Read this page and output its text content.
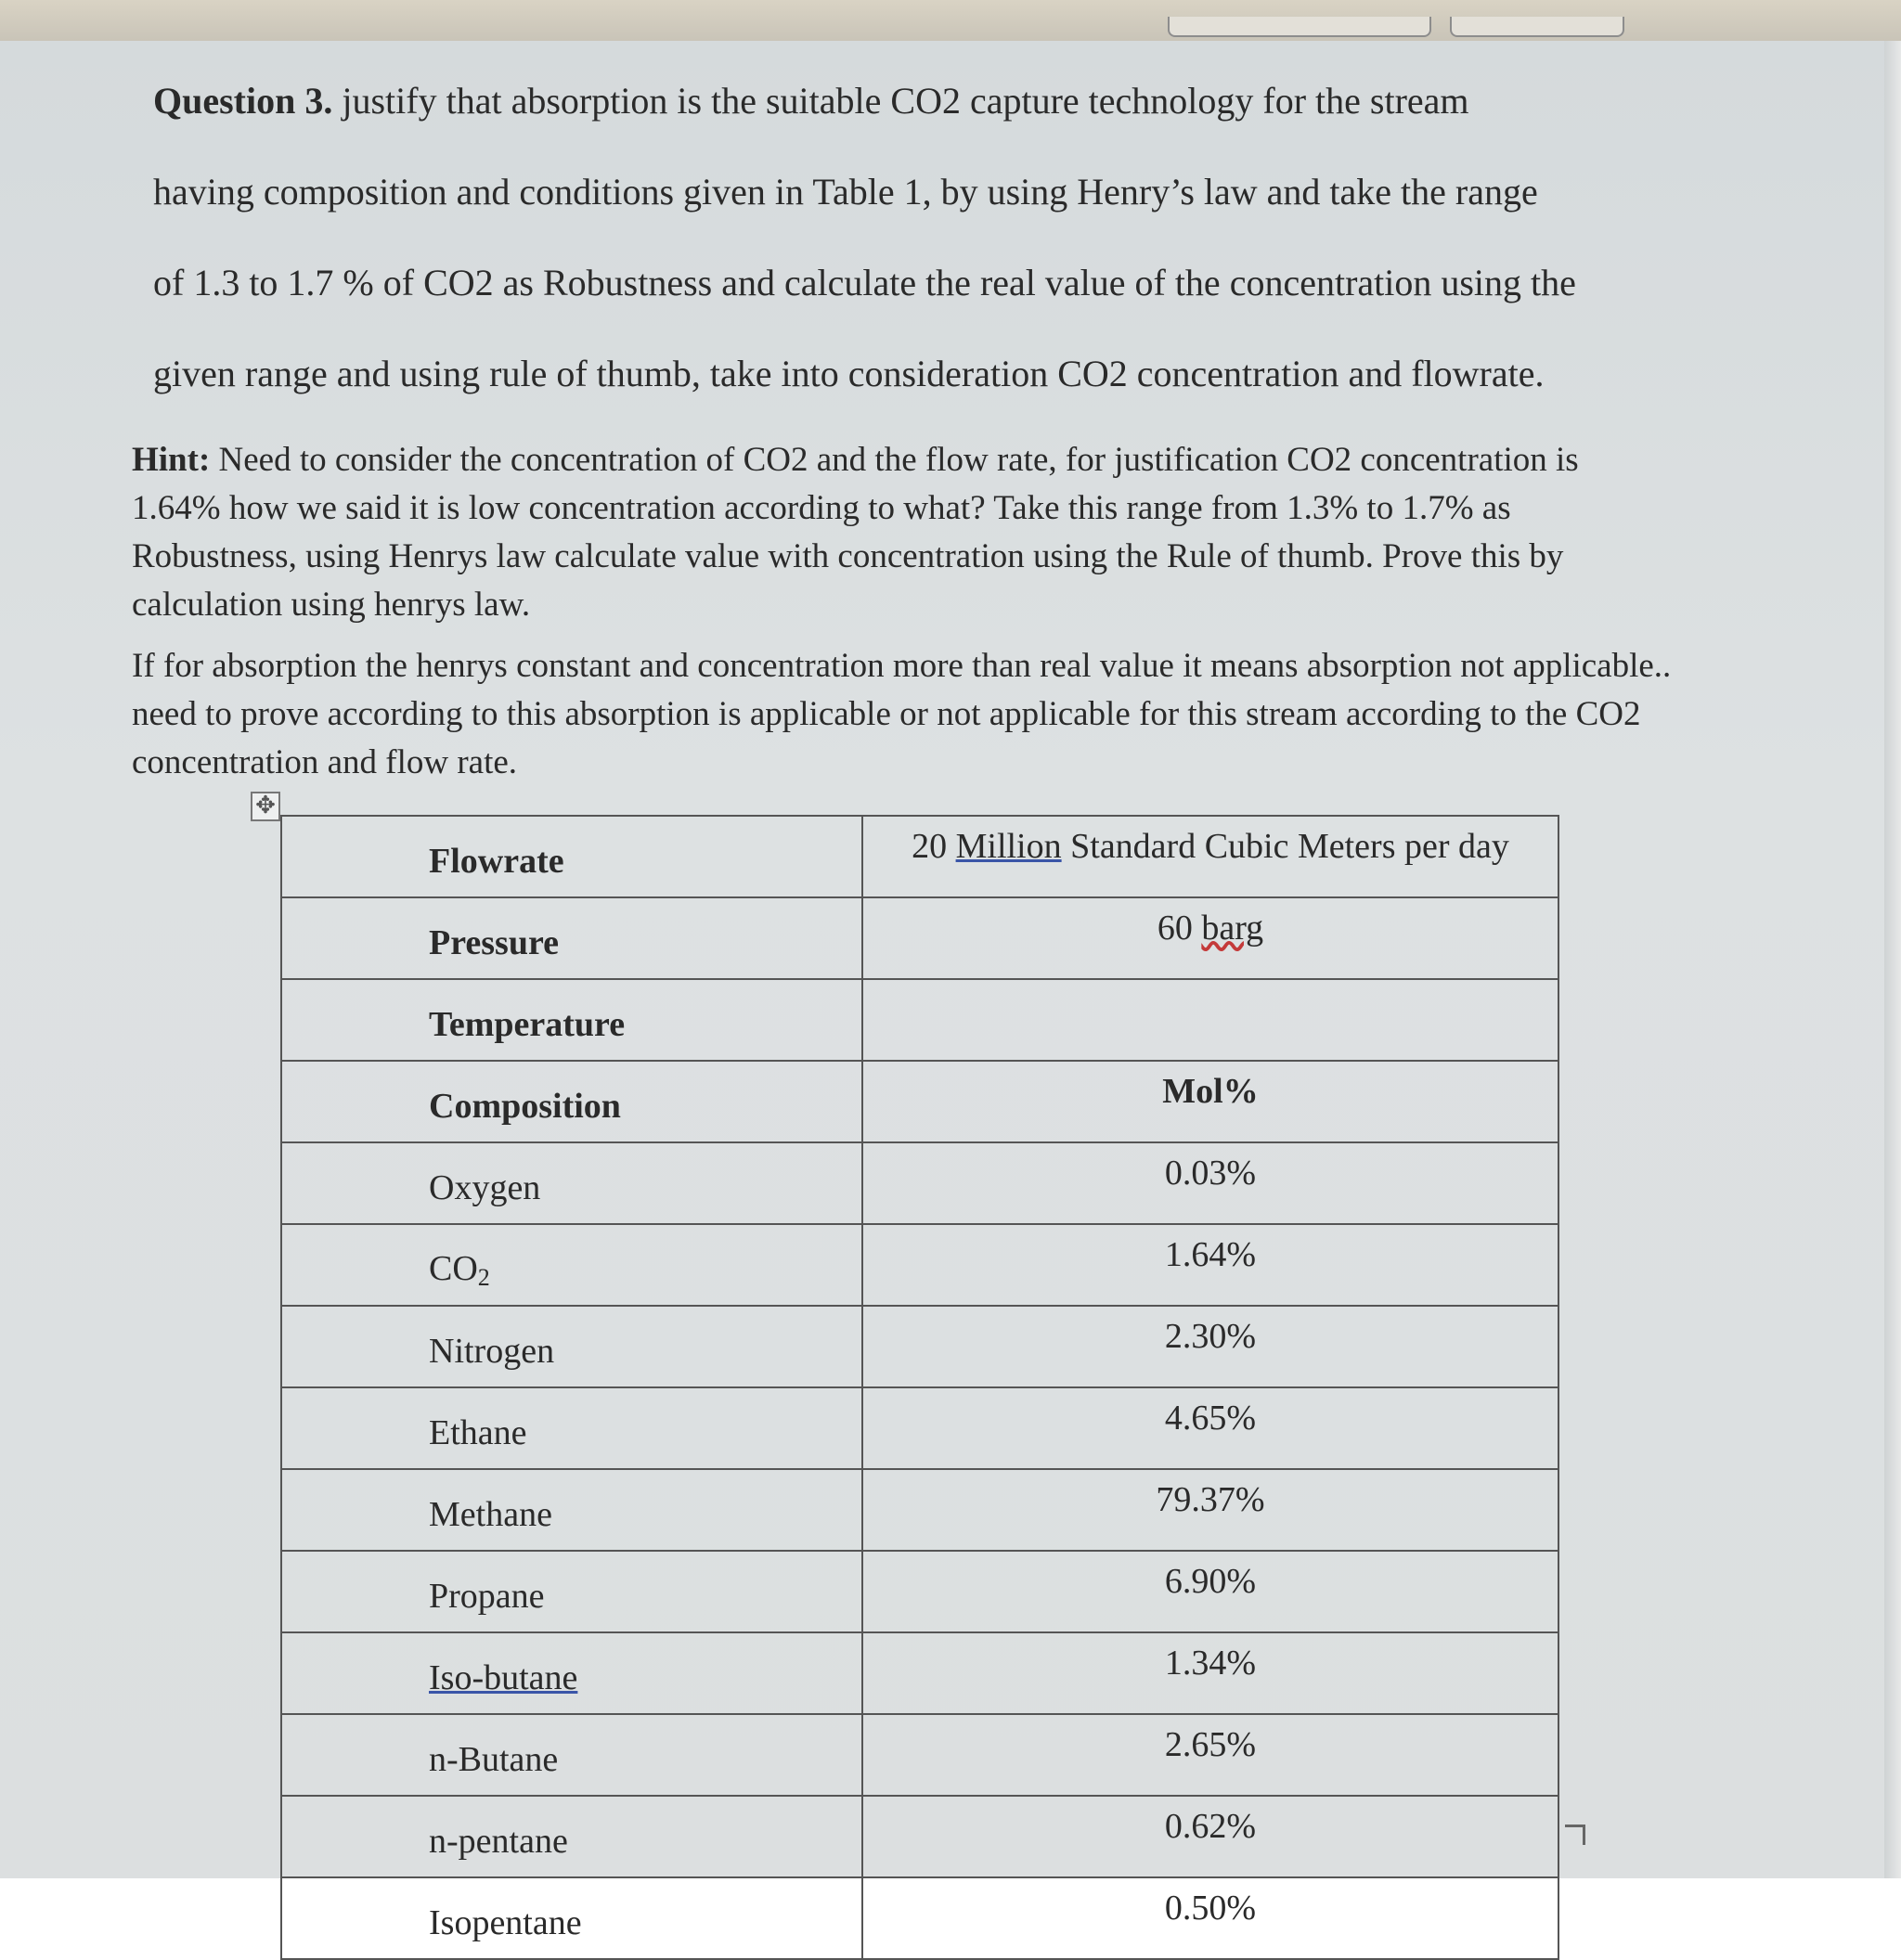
Question 3. justify that absorption is the suitable CO2 capture technology for the stream
having composition and conditions given in Table 1, by using Henry’s law and take the range
of 1.3 to 1.7 % of CO2 as Robustness and calculate the real value of the concentration using the
given range and using rule of thumb, take into consideration CO2 concentration and flowrate.

Hint: Need to consider the concentration of CO2 and the flow rate, for justification CO2 concentration is 1.64% how we said it is low concentration according to what? Take this range from 1.3% to 1.7% as Robustness, using Henrys law calculate value with concentration using the Rule of thumb. Prove this by calculation using henrys law.

If for absorption the henrys constant and concentration more than real value it means absorption not applicable.. need to prove according to this absorption is applicable or not applicable for this stream according to the CO2 concentration and flow rate.

✥
Flowrate	20 Million Standard Cubic Meters per day
Pressure	60 barg
Temperature	
Composition	Mol%
Oxygen	0.03%
$CO_2$	1.64%
Nitrogen	2.30%
Ethane	4.65%
Methane	79.37%
Propane	6.90%
Iso-butane	1.34%
n-Butane	2.65%
n-pentane	0.62%
Isopentane	0.50%
